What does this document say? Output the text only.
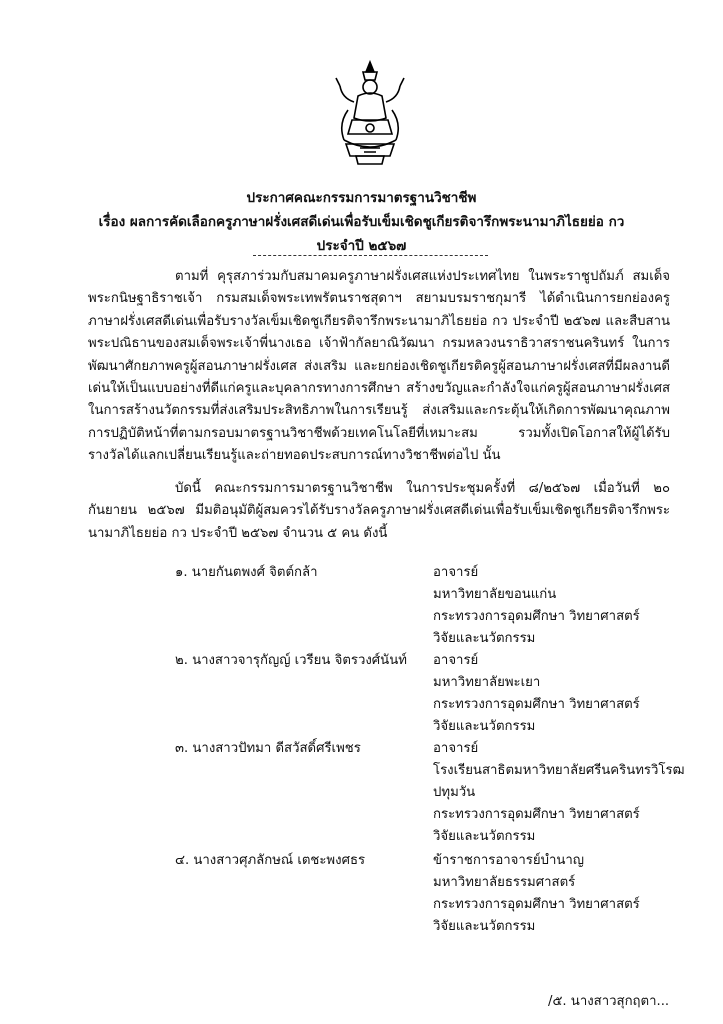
ประกาศคณะกรรมการมาตรฐานวิชาชีพ
เรื่อง ผลการคัดเลือกครูภาษาฝรั่งเศสดีเด่นเพื่อรับเข็มเชิดชูเกียรติจารึกพระนามาภิไธยย่อ กว
ประจำปี ๒๕๖๗
ตามที่ คุรุสภาร่วมกับสมาคมครูภาษาฝรั่งเศสแห่งประเทศไทย ในพระราชูปถัมภ์ สมเด็จพระกนิษฐาธิราชเจ้า กรมสมเด็จพระเทพรัตนราชสุดาฯ สยามบรมราชกุมารี ได้ดำเนินการยกย่องครูภาษาฝรั่งเศสดีเด่นเพื่อรับรางวัลเข็มเชิดชูเกียรติจารึกพระนามาภิไธยย่อ กว ประจำปี ๒๕๖๗ และสืบสานพระปณิธานของสมเด็จพระเจ้าพี่นางเธอ เจ้าฟ้ากัลยาณิวัฒนา กรมหลวงนราธิวาสราชนครินทร์ ในการพัฒนาศักยภาพครูผู้สอนภาษาฝรั่งเศส ส่งเสริม และยกย่องเชิดชูเกียรติครูผู้สอนภาษาฝรั่งเศสที่มีผลงานดีเด่นให้เป็นแบบอย่างที่ดีแก่ครูและบุคลากรทางการศึกษา สร้างขวัญและกำลังใจแก่ครูผู้สอนภาษาฝรั่งเศสในการสร้างนวัตกรรมที่ส่งเสริมประสิทธิภาพในการเรียนรู้ ส่งเสริมและกระตุ้นให้เกิดการพัฒนาคุณภาพการปฏิบัติหน้าที่ตามกรอบมาตรฐานวิชาชีพด้วยเทคโนโลยีที่เหมาะสม รวมทั้งเปิดโอกาสให้ผู้ได้รับรางวัลได้แลกเปลี่ยนเรียนรู้และถ่ายทอดประสบการณ์ทางวิชาชีพต่อไป นั้น
บัดนี้ คณะกรรมการมาตรฐานวิชาชีพ ในการประชุมครั้งที่ ๘/๒๕๖๗ เมื่อวันที่ ๒๐ กันยายน ๒๕๖๗ มีมติอนุมัติผู้สมควรได้รับรางวัลครูภาษาฝรั่งเศสดีเด่นเพื่อรับเข็มเชิดชูเกียรติจารึกพระนามาภิไธยย่อ กว ประจำปี ๒๕๖๗ จำนวน ๕ คน ดังนี้
๑. นายกันตพงศ์ จิตต์กล้า	อาจารย์
มหาวิทยาลัยขอนแก่น
กระทรวงการอุดมศึกษา วิทยาศาสตร์
วิจัยและนวัตกรรม
๒. นางสาวจารุกัญญ์ เวรียน จิตรวงศ์นันท์ อาจารย์
มหาวิทยาลัยพะเยา
กระทรวงการอุดมศึกษา วิทยาศาสตร์
วิจัยและนวัตกรรม
๓. นางสาวปัทมา ดีสวัสดิ์ศรีเพชร	อาจารย์
โรงเรียนสาธิตมหาวิทยาลัยศรีนครินทรวิโรฒ
ปทุมวัน
กระทรวงการอุดมศึกษา วิทยาศาสตร์
วิจัยและนวัตกรรม
๔. นางสาวศุภลักษณ์ เตชะพงศธร	ข้าราชการอาจารย์บำนาญ
มหาวิทยาลัยธรรมศาสตร์
กระทรวงการอุดมศึกษา วิทยาศาสตร์
วิจัยและนวัตกรรม
/๕. นางสาวสุกฤตา...
